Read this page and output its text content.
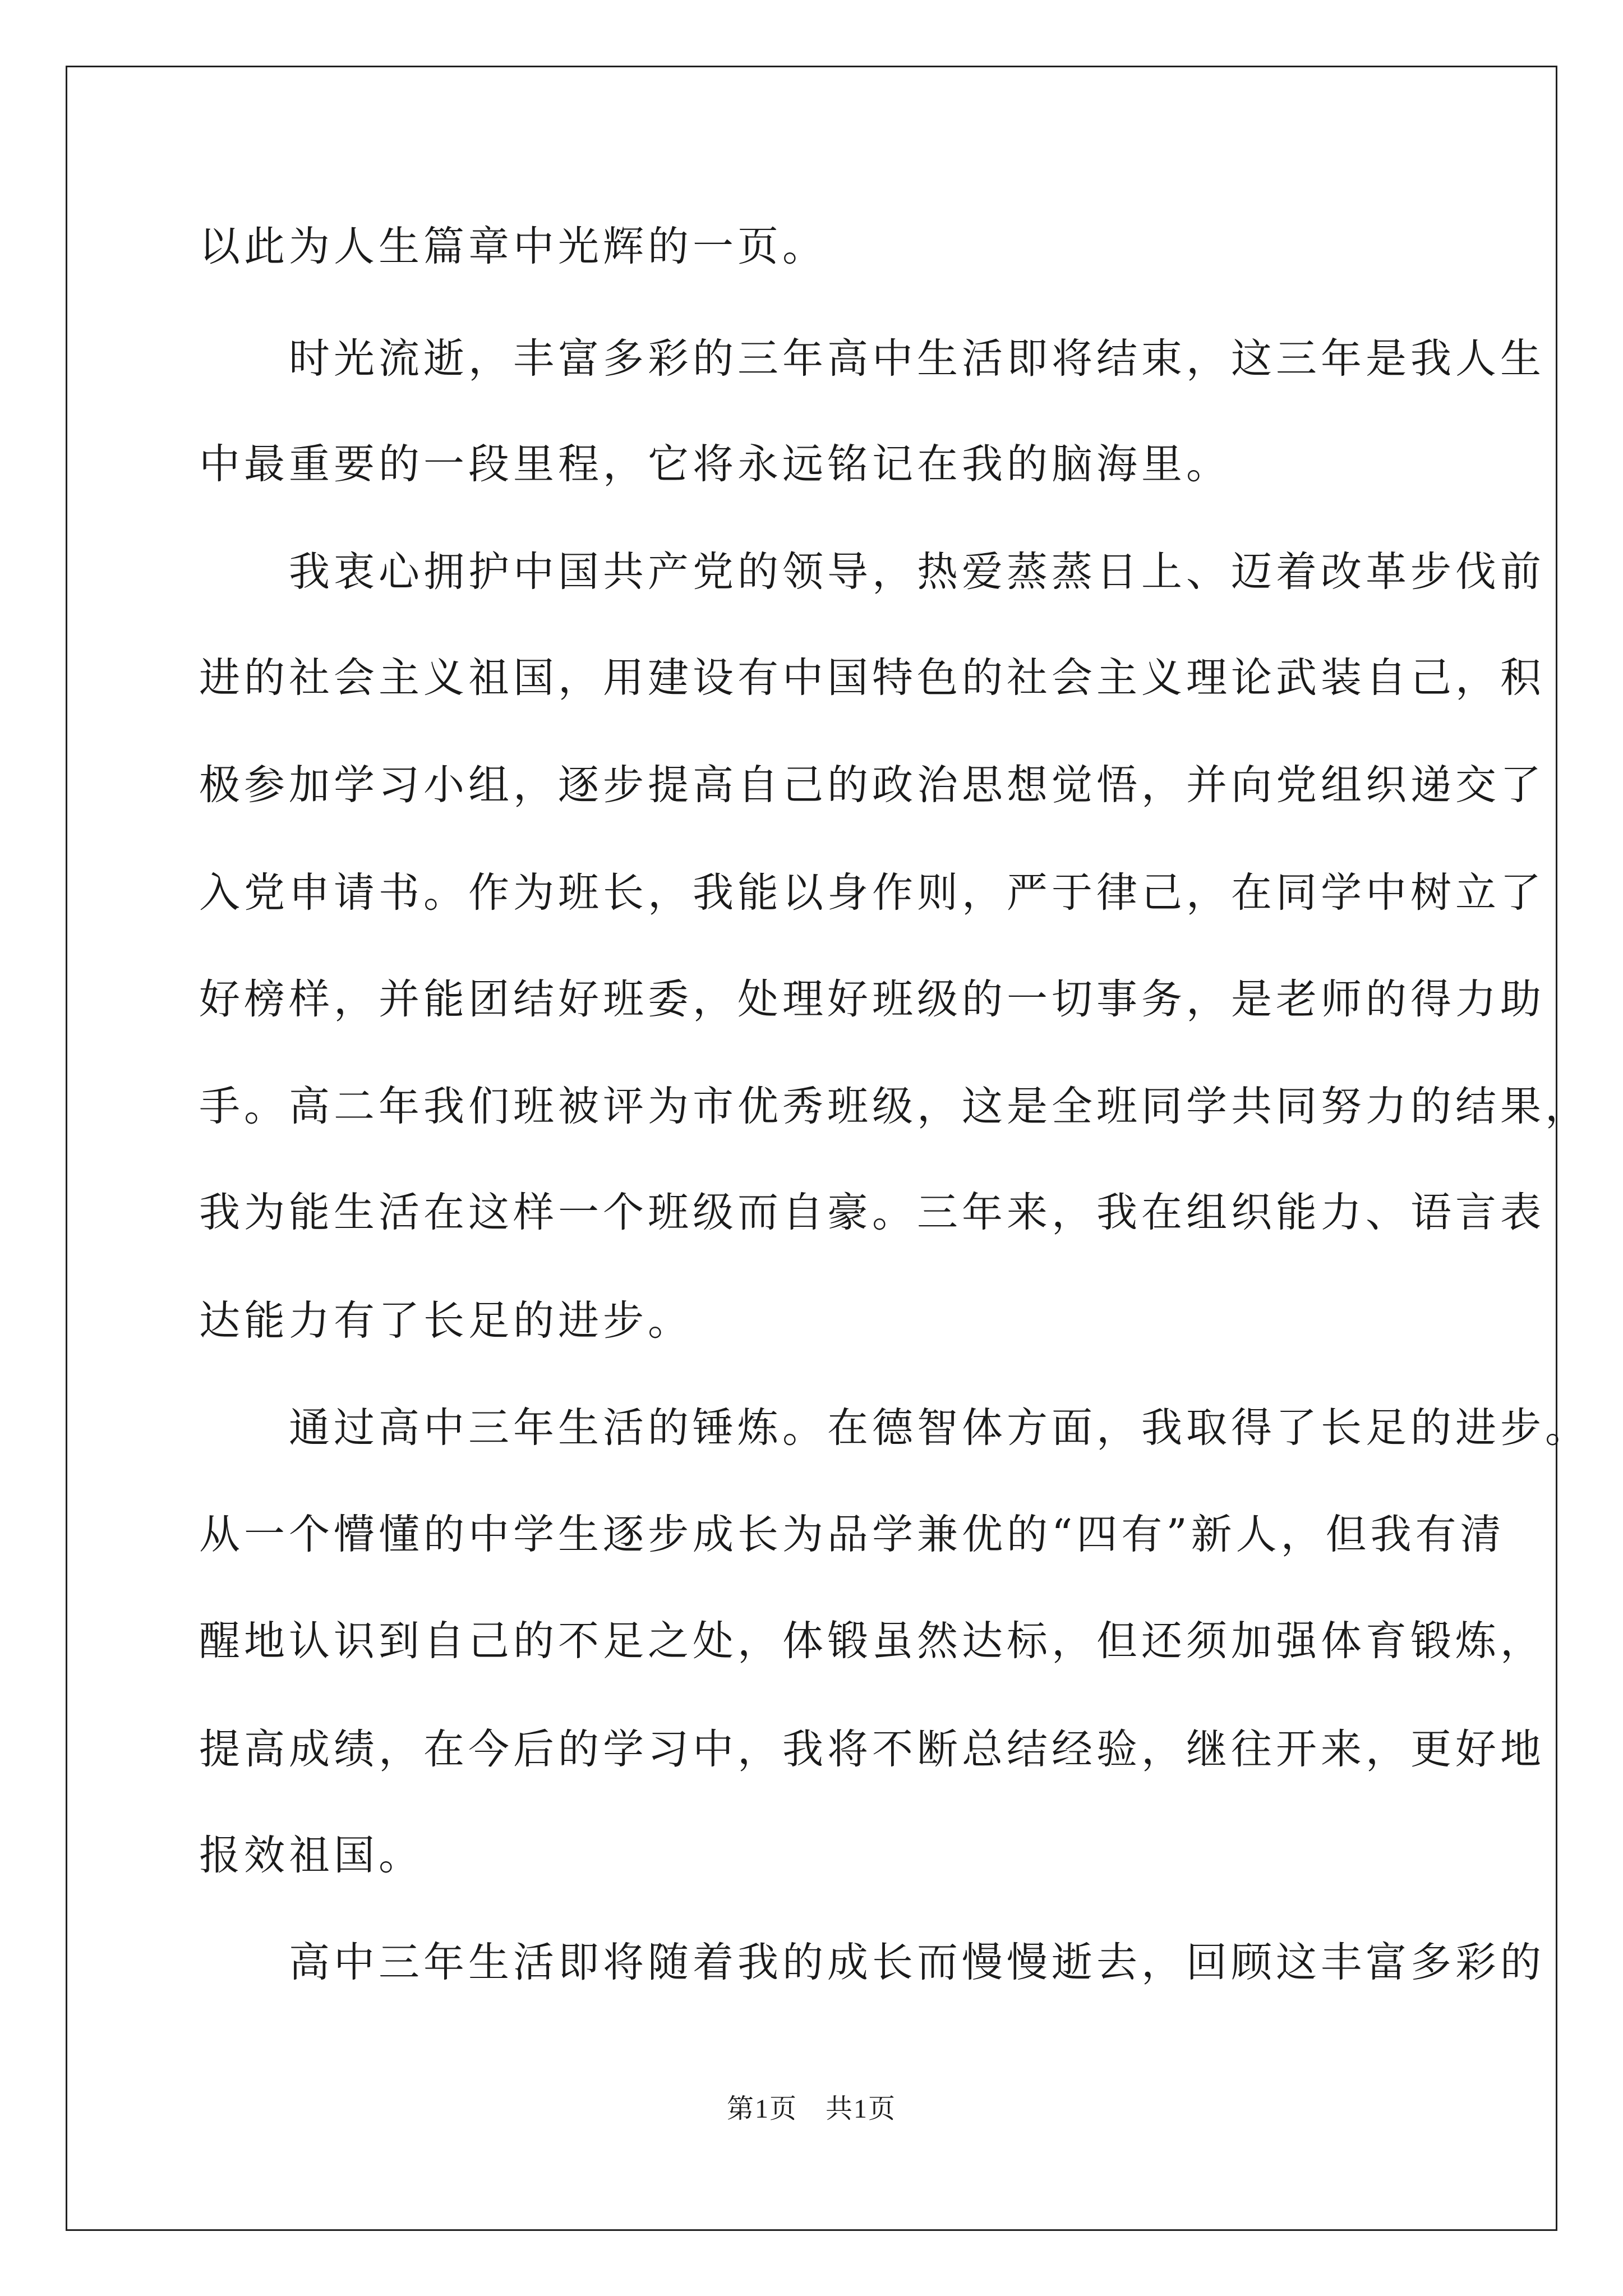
以此为人生篇章中光辉的一页。
　　时光流逝，丰富多彩的三年高中生活即将结束，这三年是我人生
中最重要的一段里程，它将永远铭记在我的脑海里。
　　我衷心拥护中国共产党的领导，热爱蒸蒸日上、迈着改革步伐前
进的社会主义祖国，用建设有中国特色的社会主义理论武装自己，积
极参加学习小组，逐步提高自己的政治思想觉悟，并向党组织递交了
入党申请书。作为班长，我能以身作则，严于律己，在同学中树立了
好榜样，并能团结好班委，处理好班级的一切事务，是老师的得力助
手。高二年我们班被评为市优秀班级，这是全班同学共同努力的结果，
我为能生活在这样一个班级而自豪。三年来，我在组织能力、语言表
达能力有了长足的进步。
　　通过高中三年生活的锤炼。在德智体方面，我取得了长足的进步。
从一个懵懂的中学生逐步成长为品学兼优的“四有”新人，但我有清
醒地认识到自己的不足之处，体锻虽然达标，但还须加强体育锻炼，
提高成绩，在今后的学习中，我将不断总结经验，继往开来，更好地
报效祖国。
　　高中三年生活即将随着我的成长而慢慢逝去，回顾这丰富多彩的
第1页　共1页
